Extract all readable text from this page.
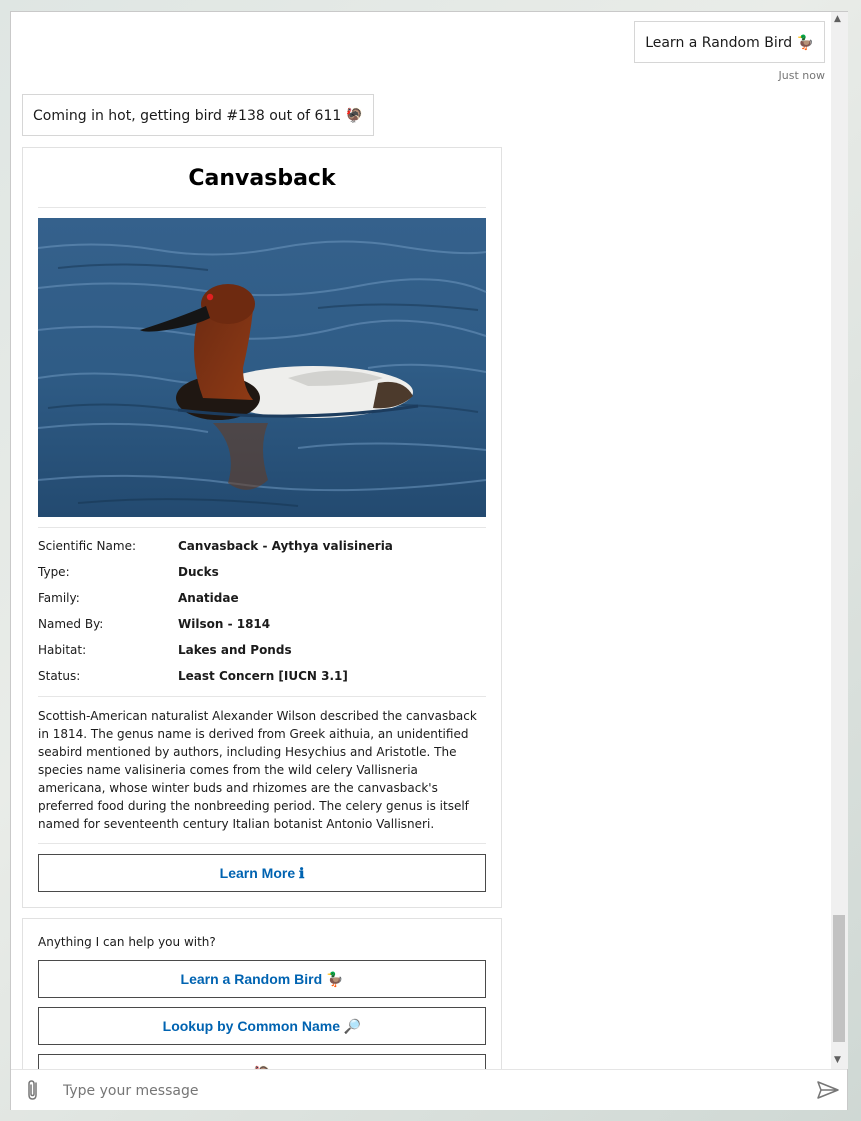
Learn a Random Bird 🦆
Just now
Coming in hot, getting bird #138 out of 611 🦃
Canvasback
Scientific Name:	Canvasback - Aythya valisineria
Type:	Ducks
Family:	Anatidae
Named By:	Wilson - 1814
Habitat:	Lakes and Ponds
Status:	Least Concern [IUCN 3.1]
Scottish-American naturalist Alexander Wilson described the canvasback in 1814. The genus name is derived from Greek aithuia, an unidentified seabird mentioned by authors, including Hesychius and Aristotle. The species name valisineria comes from the wild celery Vallisneria americana, whose winter buds and rhizomes are the canvasback's preferred food during the nonbreeding period. The celery genus is itself named for seventeenth century Italian botanist Antonio Vallisneri.
Learn More ℹ
Anything I can help you with?
Learn a Random Bird 🦆
Lookup by Common Name 🔎
▲
▼
Type your message
